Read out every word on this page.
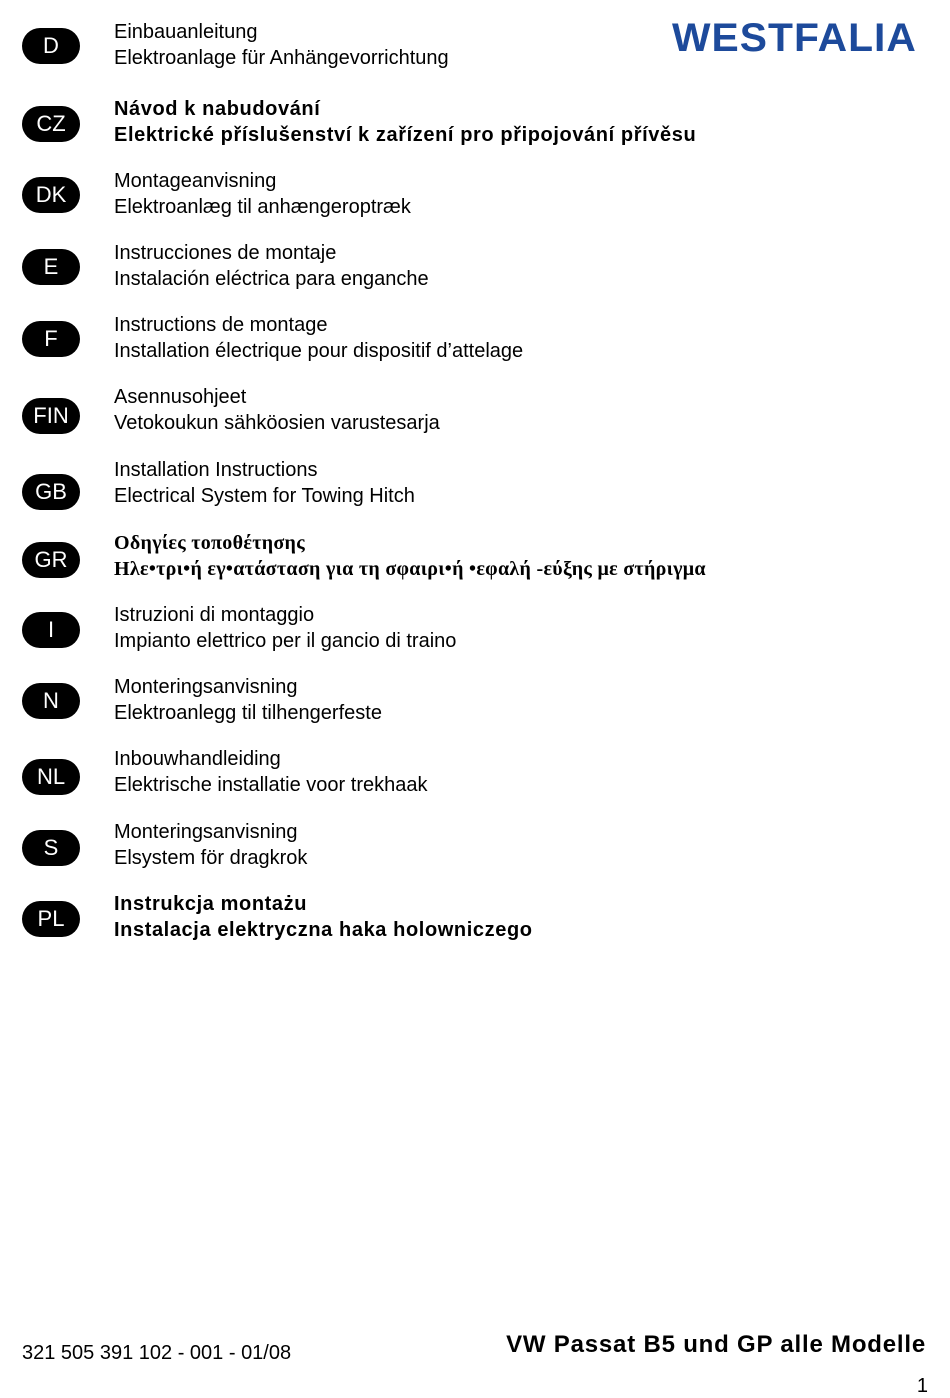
WESTFALIA
D
Einbauanleitung
Elektroanlage für Anhängevorrichtung
CZ
Návod k nabudování
Elektrické příslušenství k zařízení pro připojování přívěsu
DK
Montageanvisning
Elektroanlæg til anhængeroptræk
E
Instrucciones de montaje
Instalación eléctrica para enganche
F
Instructions de montage
Installation électrique pour dispositif d’attelage
FIN
Asennusohjeet
Vetokoukun sähköosien varustesarja
GB
Installation Instructions
Electrical System for Towing Hitch
GR
Οδηγίες τοποθέτησης
Ηλε•τρι•ή εγ•ατάσταση για τη σφαιρι•ή •εφαλή -εύξης με στήριγμα
I
Istruzioni di montaggio
Impianto elettrico per il gancio di traino
N
Monteringsanvisning
Elektroanlegg til tilhengerfeste
NL
Inbouwhandleiding
Elektrische installatie voor trekhaak
S
Monteringsanvisning
Elsystem för dragkrok
PL
Instrukcja montażu
Instalacja elektryczna haka holowniczego
321 505 391 102 - 001 - 01/08	VW Passat B5 und GP alle Modelle
1
